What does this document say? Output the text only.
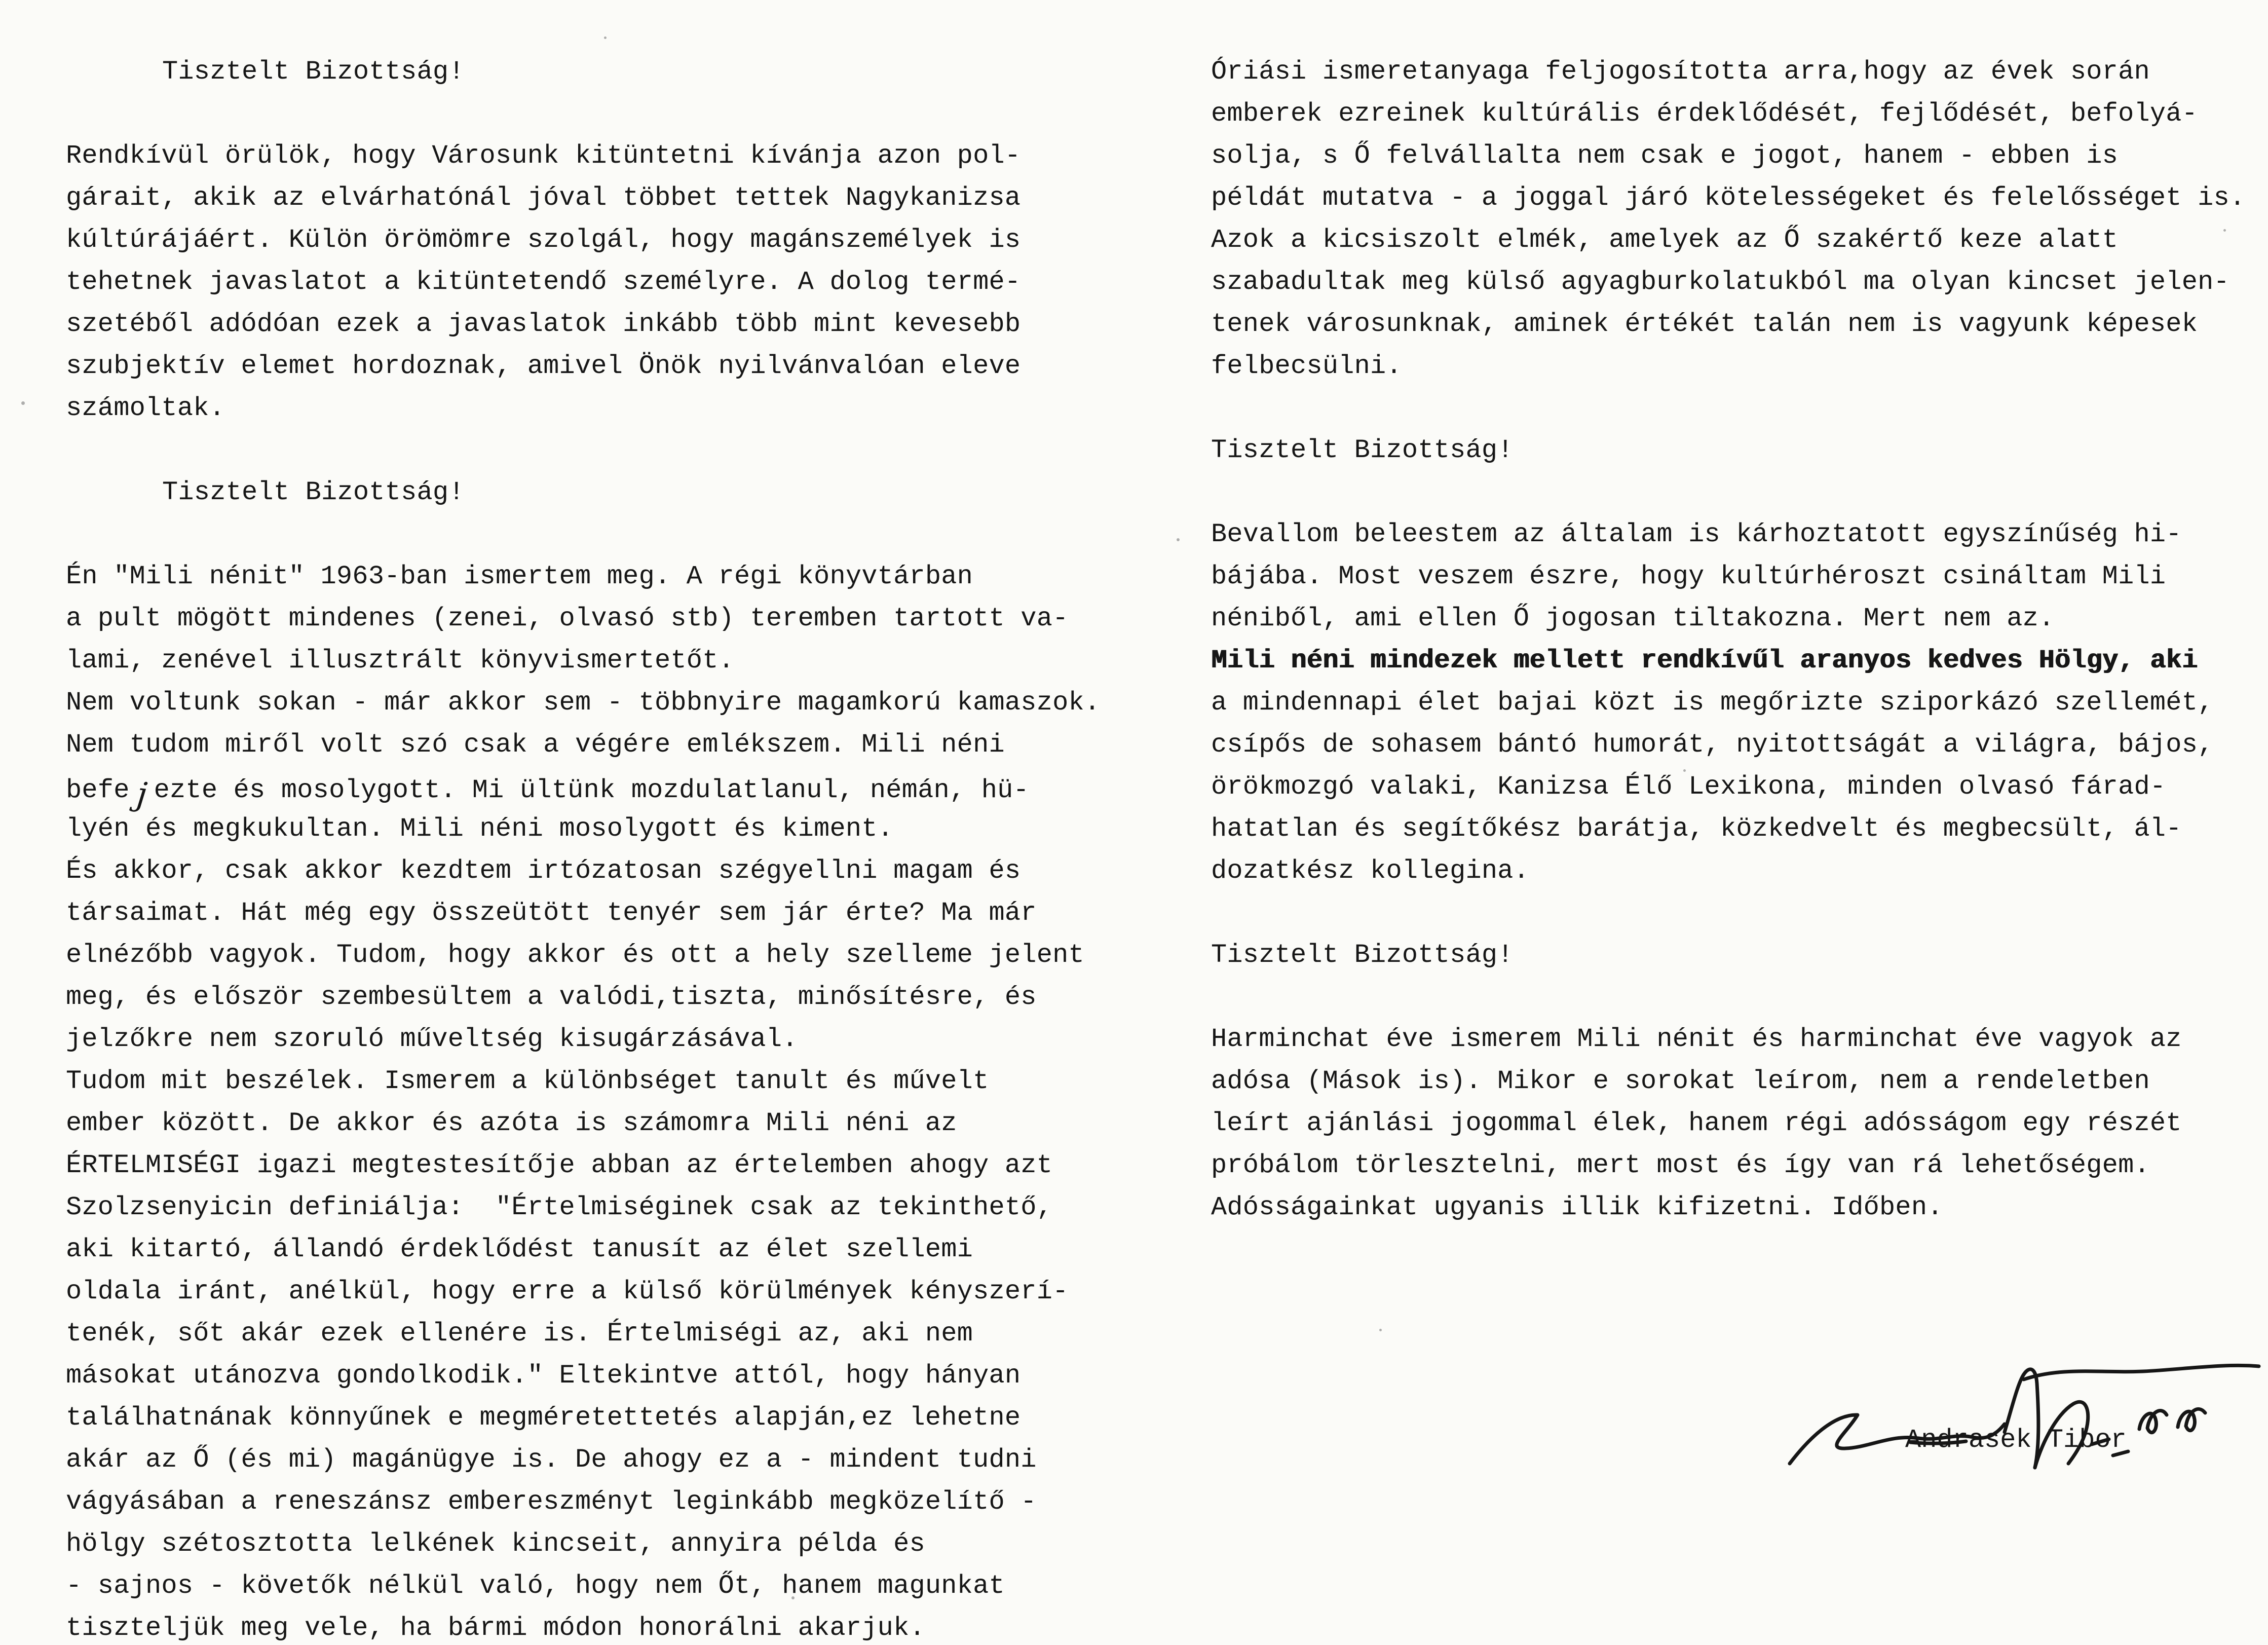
Tisztelt Bizottság!
Rendkívül örülök, hogy Városunk kitüntetni kívánja azon pol-
gárait, akik az elvárhatónál jóval többet tettek Nagykanizsa
kúltúrájáért. Külön örömömre szolgál, hogy magánszemélyek is
tehetnek javaslatot a kitüntetendő személyre. A dolog termé-
szetéből adódóan ezek a javaslatok inkább több mint kevesebb
szubjektív elemet hordoznak, amivel Önök nyilvánvalóan eleve
számoltak.
Tisztelt Bizottság!
Én "Mili nénit" 1963-ban ismertem meg. A régi könyvtárban
a pult mögött mindenes (zenei, olvasó stb) teremben tartott va-
lami, zenével illusztrált könyvismertetőt.
Nem voltunk sokan - már akkor sem - többnyire magamkorú kamaszok.
Nem tudom miről volt szó csak a végére emlékszem. Mili néni
befe j ezte és mosolygott. Mi ültünk mozdulatlanul, némán, hü-
lyén és megkukultan. Mili néni mosolygott és kiment.
És akkor, csak akkor kezdtem irtózatosan szégyellni magam és
társaimat. Hát még egy összeütött tenyér sem jár érte? Ma már
elnézőbb vagyok. Tudom, hogy akkor és ott a hely szelleme jelent
meg, és először szembesültem a valódi,tiszta, minősítésre, és
jelzőkre nem szoruló műveltség kisugárzásával.
Tudom mit beszélek. Ismerem a különbséget tanult és művelt
ember között. De akkor és azóta is számomra Mili néni az
ÉRTELMISÉGI igazi megtestesítője abban az értelemben ahogy azt
Szolzsenyicin definiálja:  "Értelmiséginek csak az tekinthető,
aki kitartó, állandó érdeklődést tanusít az élet szellemi
oldala iránt, anélkül, hogy erre a külső körülmények kényszerí-
tenék, sőt akár ezek ellenére is. Értelmiségi az, aki nem
másokat utánozva gondolkodik." Eltekintve attól, hogy hányan
találhatnának könnyűnek e megméretettetés alapján,ez lehetne
akár az Ő (és mi) magánügye is. De ahogy ez a - mindent tudni
vágyásában a reneszánsz embereszményt leginkább megközelítő -
hölgy szétosztotta lelkének kincseit, annyira példa és
- sajnos - követők nélkül való, hogy nem Őt, hanem magunkat
tiszteljük meg vele, ha bármi módon honorálni akarjuk.
Óriási ismeretanyaga feljogosította arra,hogy az évek során
emberek ezreinek kultúrális érdeklődését, fejlődését, befolyá-
solja, s Ő felvállalta nem csak e jogot, hanem - ebben is
példát mutatva - a joggal járó kötelességeket és felelősséget is.
Azok a kicsiszolt elmék, amelyek az Ő szakértő keze alatt
szabadultak meg külső agyagburkolatukból ma olyan kincset jelen-
tenek városunknak, aminek értékét talán nem is vagyunk képesek
felbecsülni.
Tisztelt Bizottság!
Bevallom beleestem az általam is kárhoztatott egyszínűség hi-
bájába. Most veszem észre, hogy kultúrhéroszt csináltam Mili
néniből, ami ellen Ő jogosan tiltakozna. Mert nem az.
Mili néni mindezek mellett rendkívűl aranyos kedves Hölgy, aki
a mindennapi élet bajai közt is megőrizte sziporkázó szellemét,
csípős de sohasem bántó humorát, nyitottságát a világra, bájos,
örökmozgó valaki, Kanizsa Élő Lexikona, minden olvasó fárad-
hatatlan és segítőkész barátja, közkedvelt és megbecsült, ál-
dozatkész kollegina.
Tisztelt Bizottság!
Harminchat éve ismerem Mili nénit és harminchat éve vagyok az
adósa (Mások is). Mikor e sorokat leírom, nem a rendeletben
leírt ajánlási jogommal élek, hanem régi adósságom egy részét
próbálom törlesztelni, mert most és így van rá lehetőségem.
Adósságainkat ugyanis illik kifizetni. Időben.
Andrasek Tibor
